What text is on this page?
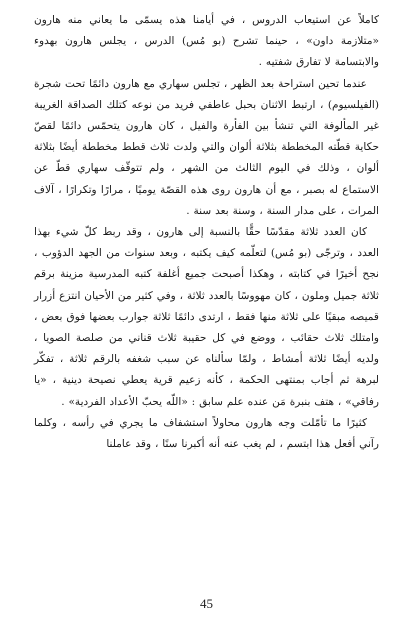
كاملاً عن استيعاب الدروس ، في أيامنا هذه يسمّى ما يعاني منه هارون «متلازمة داون» ، حينما تشرح (بو مُس) الدرس ، يجلس هارون بهدوء والابتسامة لا تفارق شفتيه .

عندما تحين استراحة بعد الظهر ، تجلس سهاري مع هارون دائمًا تحت شجرة (الفيلسيوم) ، ارتبط الاثنان بحبل عاطفي فريد من نوعه كتلك الصداقة الغريبة غير المألوفة التي تنشأ بين الفأرة والفيل ، كان هارون يتحمّس دائمًا لقصّ حكاية قطّته المخططة بثلاثة ألوان والتي ولدت ثلاث قطط مخططة أيضًا بثلاثة ألوان ، وذلك في اليوم الثالث من الشهر ، ولم تتوقّف سهاري قطّ عن الاستماع له بصبر ، مع أن هارون روى هذه القصّة يوميًا ، مرارًا وتكرارًا ، آلاف المرات ، على مدار السنة ، وسنة بعد سنة .

كان العدد ثلاثة مقدّسًا حقًّا بالنسبة إلى هارون ، وقد ربط كلّ شيء بهذا العدد ، وترجّى (بو مُس) لتعلّمه كيف يكتبه ، وبعد سنوات من الجهد الدؤوب ، نجح أخيرًا في كتابته ، وهكذا أصبحت جميع أغلفة كتبه المدرسية مزينة برقم ثلاثة جميل وملون ، كان مهووسًا بالعدد ثلاثة ، وفي كثير من الأحيان انتزع أزرار قميصه مبقيًا على ثلاثة منها فقط ، ارتدى دائمًا ثلاثة جوارب بعضها فوق بعض ، وامتلك ثلاث حقائب ، ووضع في كل حقيبة ثلاث قناني من صلصة الصويا ، ولديه أيضًا ثلاثة أمشاط ، ولمّا سألناه عن سبب شغفه بالرقم ثلاثة ، تفكّر لبرهة ثم أجاب بمنتهى الحكمة ، كأنه زعيم قرية يعطي نصيحة دينية ، «يا رفاقي» ، هتف بنبرة مَن عنده علم سابق : «اللّه يحبّ الأعداد الفردية» .

كثيرًا ما تأمّلت وجه هارون محاولاً استشفاف ما يجري في رأسه ، وكلما رآني أفعل هذا ابتسم ، لم يغب عنه أنه أكبرنا سنًا ، وقد عاملنا

45
